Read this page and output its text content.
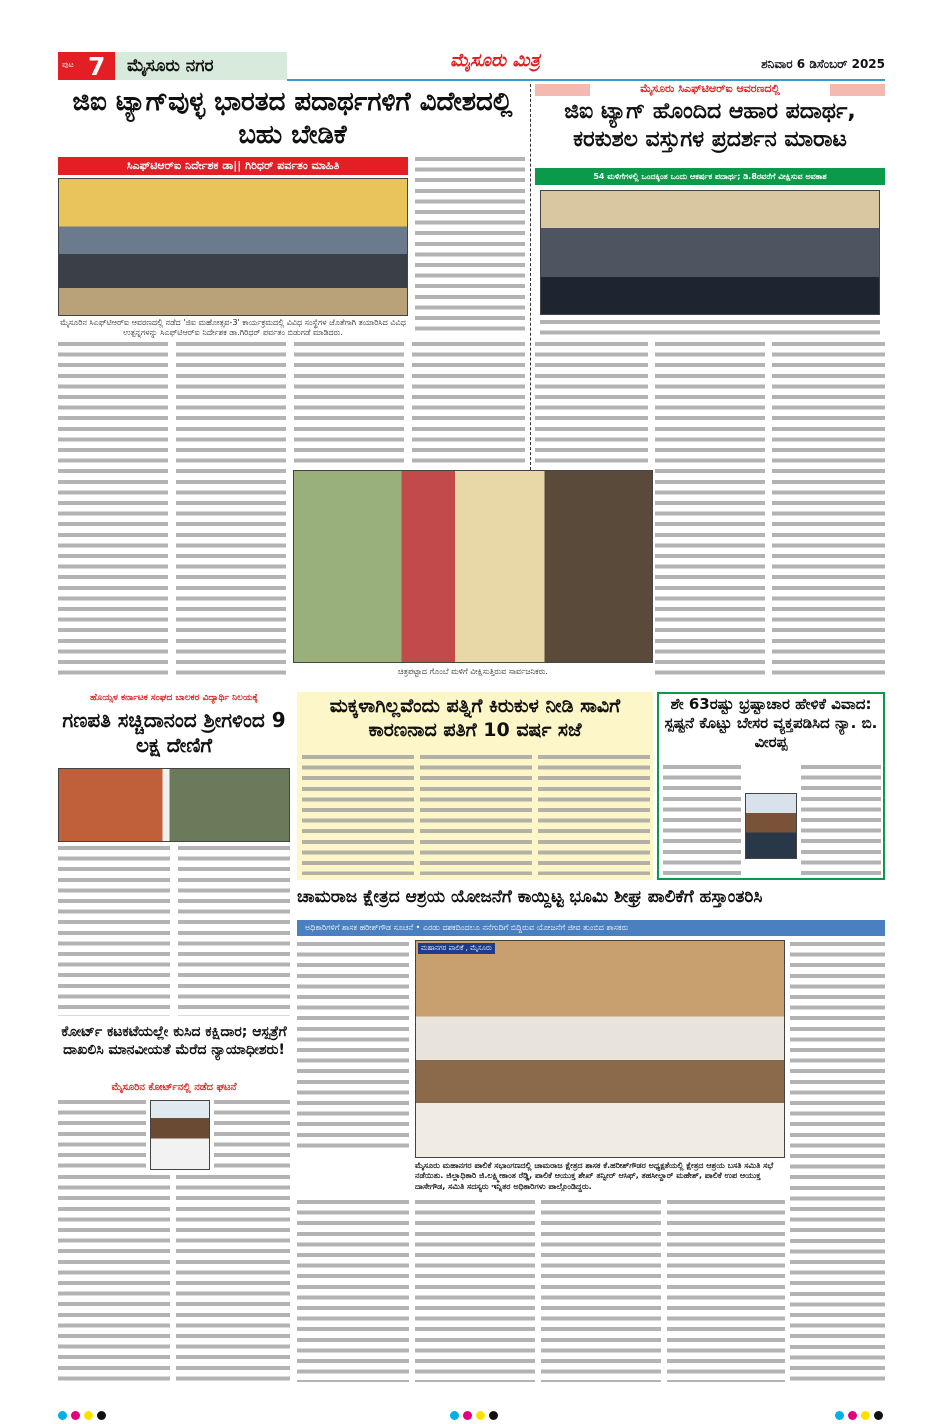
ಪುಟ 7	ಮೈಸೂರು ನಗರ	ಮೈಸೂರು ಮಿತ್ರ	ಶನಿವಾರ 6 ಡಿಸೆಂಬರ್ 2025
ಜಿಐ ಟ್ಯಾಗ್‌ವುಳ್ಳ ಭಾರತದ ಪದಾರ್ಥಗಳಿಗೆ ವಿದೇಶದಲ್ಲಿ ಬಹು ಬೇಡಿಕೆ
ಸಿಎಫ್‌ಟಿಆರ್‌ಐ ನಿರ್ದೇಶಕ ಡಾ|| ಗಿರಿಧರ್ ಪರ್ವತಂ ಮಾಹಿತಿ
ಮೈಸೂರಿನ ಸಿಎಫ್‌ಟಿಆರ್‌ಐ ಆವರಣದಲ್ಲಿ ನಡೆದ 'ಜಿಐ ಮಹೋತ್ಸವ-3' ಕಾರ್ಯಕ್ರಮದಲ್ಲಿ ವಿವಿಧ ಸಂಸ್ಥೆಗಳ ಜೊತೆಗಾಗಿ ತಯಾರಿಸಿದ ವಿವಿಧ ಉತ್ಪನ್ನಗಳನ್ನು ಸಿಎಫ್‌ಟಿಆರ್‌ಐ ನಿರ್ದೇಶಕ ಡಾ.ಗಿರಿಧರ್ ಪರ್ವತಂ ಬಿಡುಗಡೆ ಮಾಡಿದರು.
ಮೈಸೂರು ಸಿಎಫ್‌ಟಿಆರ್‌ಐ ಆವರಣದಲ್ಲಿ
ಜಿಐ ಟ್ಯಾಗ್ ಹೊಂದಿದ ಆಹಾರ ಪದಾರ್ಥ, ಕರಕುಶಲ ವಸ್ತುಗಳ ಪ್ರದರ್ಶನ ಮಾರಾಟ
54 ಮಳಿಗೆಗಳಲ್ಲಿ ಒಂದಕ್ಕಿಂತ ಒಂದು ಆಕರ್ಷಕ ಪದಾರ್ಥ; ಡಿ.8ರವರೆಗೆ ವೀಕ್ಷಿಸುವ ಅವಕಾಶ
ಚಿತ್ರಪಟ್ಟಾದ ಗೊಂಬೆ ಮಳಿಗೆ ವೀಕ್ಷಿಸುತ್ತಿರುವ ಸಾರ್ವಜನಿಕರು.
ಹೊಯ್ಸಳ ಕರ್ನಾಟಕ ಸಂಘದ ಬಾಲಕರ ವಿದ್ಯಾರ್ಥಿ ನಿಲಯಕ್ಕೆ
ಗಣಪತಿ ಸಚ್ಚಿದಾನಂದ ಶ್ರೀಗಳಿಂದ 9 ಲಕ್ಷ ದೇಣಿಗೆ
ಮಕ್ಕಳಾಗಿಲ್ಲವೆಂದು ಪತ್ನಿಗೆ ಕಿರುಕುಳ ನೀಡಿ ಸಾವಿಗೆ ಕಾರಣನಾದ ಪತಿಗೆ 10 ವರ್ಷ ಸಜೆ
ಶೇ 63ರಷ್ಟು ಭ್ರಷ್ಟಾಚಾರ ಹೇಳಿಕೆ ವಿವಾದ: ಸ್ಪಷ್ಟನೆ ಕೊಟ್ಟು ಬೇಸರ ವ್ಯಕ್ತಪಡಿಸಿದ ನ್ಯಾ. ಬಿ. ವೀರಪ್ಪ
ಚಾಮರಾಜ ಕ್ಷೇತ್ರದ ಆಶ್ರಯ ಯೋಜನೆಗೆ ಕಾಯ್ದಿಟ್ಟ ಭೂಮಿ ಶೀಘ್ರ ಪಾಲಿಕೆಗೆ ಹಸ್ತಾಂತರಿಸಿ
ಅಧಿಕಾರಿಗಳಿಗೆ ಶಾಸಕ ಹರೀಶ್‌ಗೌಡ ಸೂಚನೆ • ಎರಡು ದಶಕದಿಂದಲೂ ನನೆಗುದಿಗೆ ಬಿದ್ದಿರುವ ಯೋಜನೆಗೆ ಜೀವ ತುಂಬಿದ ಶಾಸಕರು
ಮಹಾನಗರ ಪಾಲಿಕೆ , ಮೈಸೂರು
ಮೈಸೂರು ಮಹಾನಗರ ಪಾಲಿಕೆ ಸಭಾಂಗಣದಲ್ಲಿ ಚಾಮರಾಜ ಕ್ಷೇತ್ರದ ಶಾಸಕ ಕೆ.ಹರೀಶ್‌ಗೌಡರ ಅಧ್ಯಕ್ಷತೆಯಲ್ಲಿ ಕ್ಷೇತ್ರದ ಆಶ್ರಯ ಬಸತಿ ಸಮಿತಿ ಸಭೆ ನಡೆಯಿತು. ಜಿಲ್ಲಾಧಿಕಾರಿ ಜಿ.ಲಕ್ಷ್ಮೀಕಾಂತ ರೆಡ್ಡಿ, ಪಾಲಿಕೆ ಆಯುಕ್ತ ಶೇಖ್ ತನ್ವೀರ್ ಆಸಿಫ್, ತಹಸೀಲ್ದಾರ್ ಮಹೇಶ್, ಪಾಲಿಕೆ ಉಪ ಆಯುಕ್ತ ದಾಸೇಗೌಡ, ಸಮಿತಿ ಸದಸ್ಯರು ಇನ್ನಿತರ ಅಧಿಕಾರಿಗಳು ಪಾಲ್ಗೊಂಡಿದ್ದರು.
ಕೋರ್ಟ್ ಕಟಕಟೆಯಲ್ಲೇ ಕುಸಿದ ಕಕ್ಷಿದಾರ; ಆಸ್ಪತ್ರೆಗೆ ದಾಖಲಿಸಿ ಮಾನವೀಯತೆ ಮೆರೆದ ನ್ಯಾಯಾಧೀಶರು!
ಮೈಸೂರಿನ ಕೋರ್ಟ್‌ನಲ್ಲಿ ನಡೆದ ಘಟನೆ
